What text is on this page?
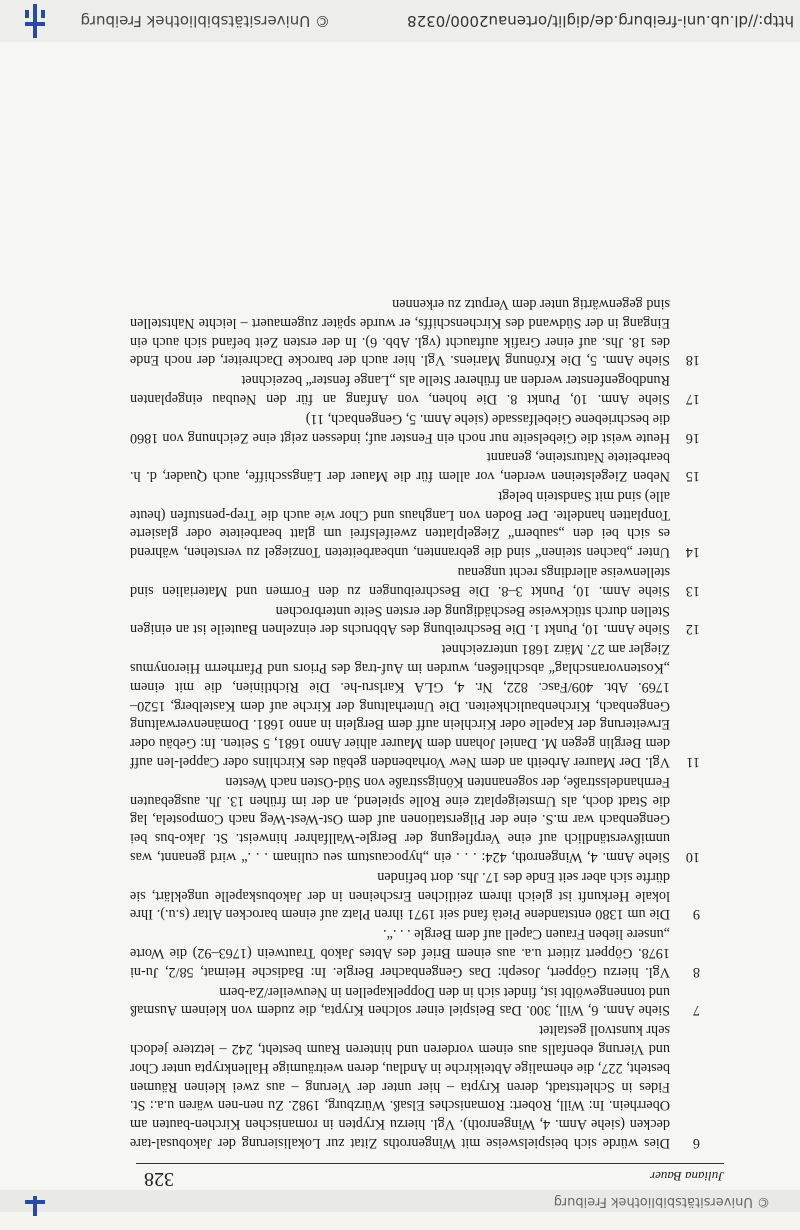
© Universitätsbibliothek Freiburg
328	Juliana Bauer
6
Dies würde sich beispielsweise mit Wingenroths Zitat zur Lokalisierung der Jakobusal-tare decken (siehe Anm. 4, Wingenroth). Vgl. hierzu Krypten in romanischen Kirchen-bauten am Oberrhein. In: Will, Robert: Romanisches Elsaß. Würzburg, 1982. Zu nen-nen wären u.a.: St. Fides in Schlettstadt, deren Krypta – hier unter der Vierung – aus zwei kleinen Räumen besteht, 227, die ehemalige Abteikirche in Andlau, deren weiträumige Hallenkrypta unter Chor und Vierung ebenfalls aus einem vorderen und hinteren Raum besteht, 242 – letztere jedoch sehr kunstvoll gestaltet
7
Siehe Anm. 6, Will, 300. Das Beispiel einer solchen Krypta, die zudem von kleinem Ausmaß und tonnengewölbt ist, findet sich in den Doppelkapellen in Neuweiler/Za-bern
8
Vgl. hierzu Göppert, Joseph: Das Gengenbacher Bergle. In: Badische Heimat, 58/2, Ju-ni 1978. Göppert zitiert u.a. aus einem Brief des Abtes Jakob Trautwein (1763–92) die Worte „unsere lieben Frauen Capell auf dem Bergle . . .“.
9
Die um 1380 entstandene Pietà fand seit 1971 ihren Platz auf einem barocken Altar (s.u.). Ihre lokale Herkunft ist gleich ihrem zeitlichen Erscheinen in der Jakobuskapelle ungeklärt, sie dürfte sich aber seit Ende des 17. Jhs. dort befinden
10
Siehe Anm. 4, Wingenroth, 424: . . . ein „hypocaustum seu culinam . . .“ wird genannt, was unmißverständlich auf eine Verpflegung der Bergle-Wallfahrer hinweist. St. Jako-bus bei Gengenbach war m.S. eine der Pilgerstationen auf dem Ost-West-Weg nach Compostela, lag die Stadt doch, als Umsteigeplatz eine Rolle spielend, an der im frühen 13. Jh. ausgebauten Fernhandelsstraße, der sogenannten Königsstraße von Süd-Osten nach Westen
11
Vgl. Der Maurer Arbeith an dem New Vorhabenden gebäu des Kirchlins oder Cappel-len auff dem Berglin gegen M. Daniel Johann dem Maurer alhier Anno 1681, 5 Seiten. In: Gebäu oder Erweiterung der Kapelle oder Kirchlein auff dem Berglein in anno 1681. Domänenverwaltung Gengenbach, Kirchenbaulichkeiten. Die Unterhaltung der Kirche auf dem Kastelberg, 1520–1769. Abt. 409/Fasc. 822, Nr. 4, GLA Karlsru-he. Die Richtlinien, die mit einem „Kostenvoranschlag“ abschließen, wurden im Auf-trag des Priors und Pfarrherrn Hieronymus Ziegler am 27. März 1681 unterzeichnet
12
Siehe Anm. 10, Punkt 1. Die Beschreibung des Abbruchs der einzelnen Bauteile ist an einigen Stellen durch stückweise Beschädigung der ersten Seite unterbrochen
13
Siehe Anm. 10, Punkt 3–8. Die Beschreibungen zu den Formen und Materialien sind stellenweise allerdings recht ungenau
14
Unter „bachen steinen“ sind die gebrannten, unbearbeiteten Tonziegel zu verstehen, während es sich bei den „saubern“ Ziegelplatten zweifelsfrei um glatt bearbeitete oder glasierte Tonplatten handelte. Der Boden von Langhaus und Chor wie auch die Trep-penstufen (heute alle) sind mit Sandstein belegt
15
Neben Ziegelsteinen werden, vor allem für die Mauer der Längsschiffe, auch Quader, d. h. bearbeitete Natursteine, genannt
16
Heute weist die Giebelseite nur noch ein Fenster auf; indessen zeigt eine Zeichnung von 1860 die beschriebene Giebelfassade (siehe Anm. 5, Gengenbach, 11)
17
Siehe Anm. 10, Punkt 8. Die hohen, von Anfang an für den Neubau eingeplanten Rundbogenfenster werden an früherer Stelle als „Lange fenster“ bezeichnet
18
Siehe Anm. 5, Die Krönung Mariens. Vgl. hier auch der barocke Dachreiter, der noch Ende des 18. Jhs. auf einer Grafik auftaucht (vgl. Abb. 6). In der ersten Zeit befand sich auch ein Eingang in der Südwand des Kirchenschiffs, er wurde später zugemauert – leichte Nahtstellen sind gegenwärtig unter dem Verputz zu erkennen
http://dl.ub.uni-freiburg.de/diglit/ortenau2000/0328
© Universitätsbibliothek Freiburg
